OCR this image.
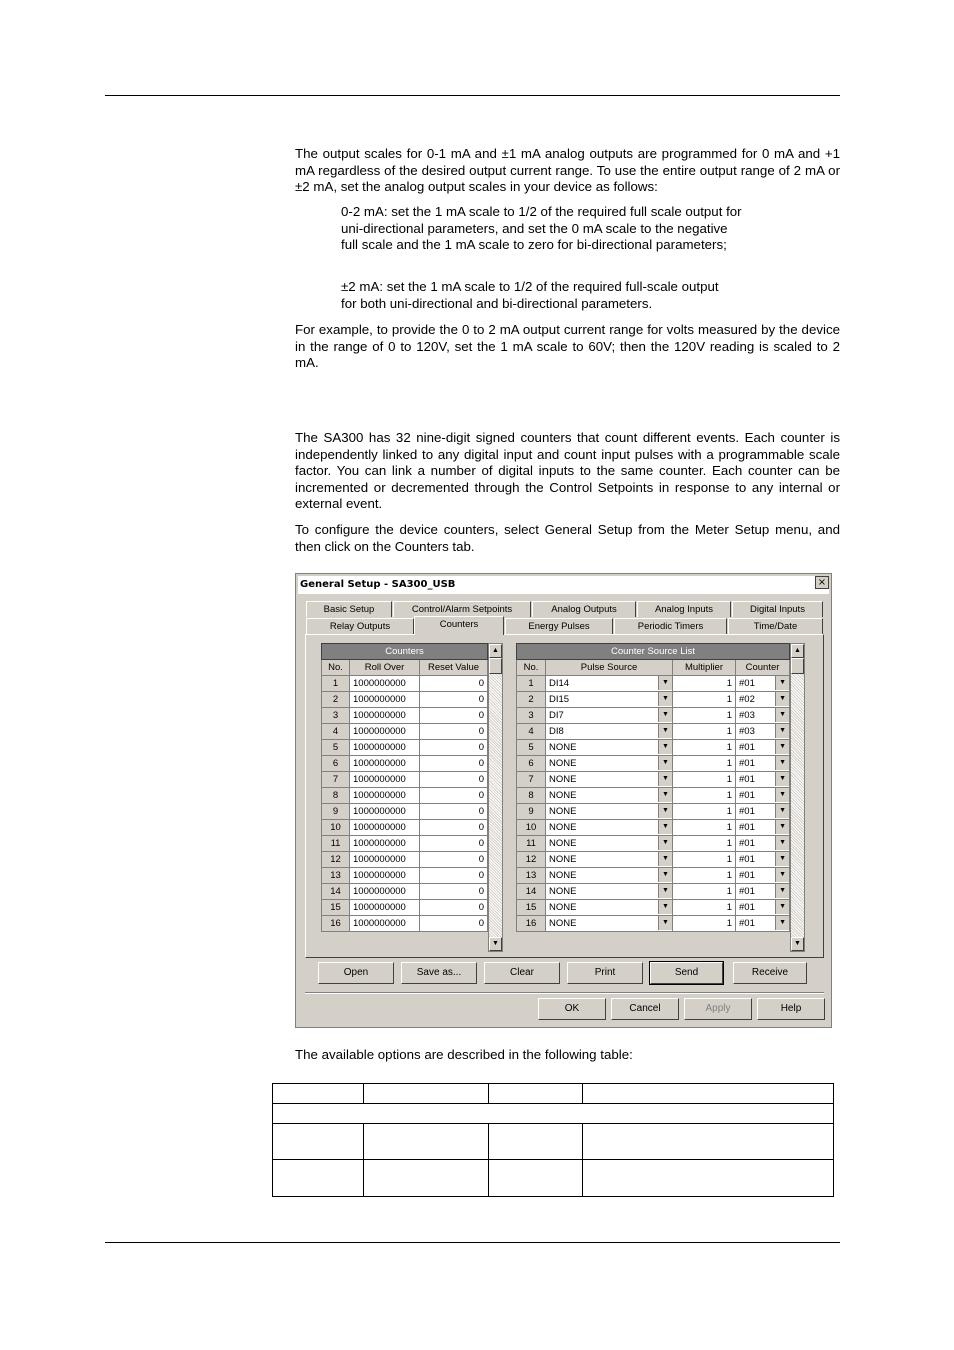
The output scales for 0-1 mA and ±1 mA analog outputs are programmed for 0 mA and +1 mA regardless of the desired output current range. To use the entire output range of 2 mA or ±2 mA, set the analog output scales in your device as follows:
0-2 mA: set the 1 mA scale to 1/2 of the required full scale output for uni-directional parameters, and set the 0 mA scale to the negative full scale and the 1 mA scale to zero for bi-directional parameters;
±2 mA: set the 1 mA scale to 1/2 of the required full-scale output for both uni-directional and bi-directional parameters.
For example, to provide the 0 to 2 mA output current range for volts measured by the device in the range of 0 to 120V, set the 1 mA scale to 60V; then the 120V reading is scaled to 2 mA.
The SA300 has 32 nine-digit signed counters that count different events. Each counter is independently linked to any digital input and count input pulses with a programmable scale factor. You can link a number of digital inputs to the same counter. Each counter can be incremented or decremented through the Control Setpoints in response to any internal or external event.
To configure the device counters, select General Setup from the Meter Setup menu, and then click on the Counters tab.
General Setup - SA300_USB	×
Basic Setup	Control/Alarm Setpoints	Analog Outputs	Analog Inputs	Digital Inputs
Relay Outputs	Counters	Energy Pulses	Periodic Timers	Time/Date
Counters		
No.	Roll Over	Reset Value
1	1000000000	0
2	1000000000	0
3	1000000000	0
4	1000000000	0
5	1000000000	0
6	1000000000	0
7	1000000000	0
8	1000000000	0
9	1000000000	0
10	1000000000	0
11	1000000000	0
12	1000000000	0
13	1000000000	0
14	1000000000	0
15	1000000000	0
16	1000000000	0
▲
▼
Counter Source List			
No.	Pulse Source	Multiplier	Counter
1	DI14 ▼	1	#01 ▼

2	DI15 ▼	1	#02 ▼

3	DI7 ▼	1	#03 ▼

4	DI8 ▼	1	#03 ▼

5	NONE ▼	1	#01 ▼

6	NONE ▼	1	#01 ▼

7	NONE ▼	1	#01 ▼

8	NONE ▼	1	#01 ▼

9	NONE ▼	1	#01 ▼

10	NONE ▼	1	#01 ▼

11	NONE ▼	1	#01 ▼

12	NONE ▼	1	#01 ▼

13	NONE ▼	1	#01 ▼

14	NONE ▼	1	#01 ▼

15	NONE ▼	1	#01 ▼

16	NONE ▼	1	#01 ▼
▲
▼
Open	Save as...	Clear	Print	Send	Receive
OK	Cancel	Apply	Help
The available options are described in the following table:
